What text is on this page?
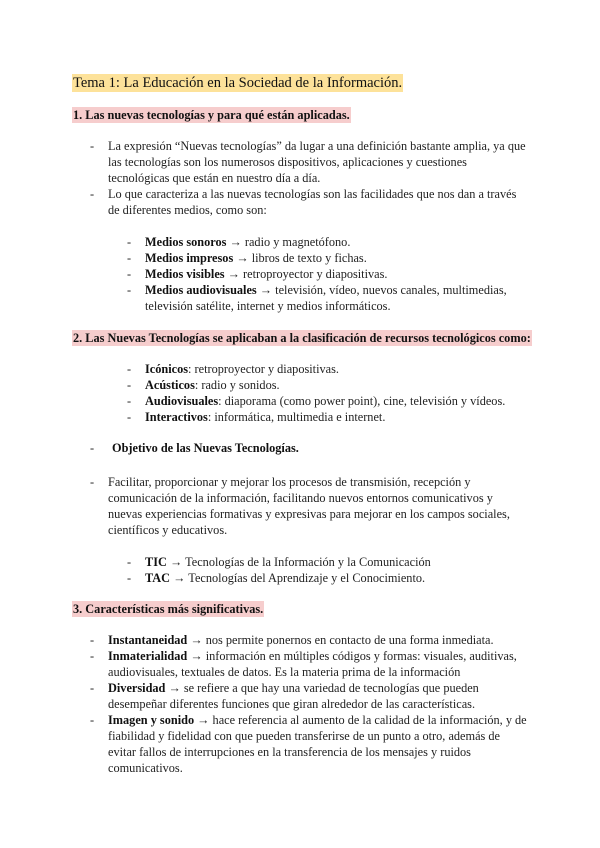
Tema 1: La Educación en la Sociedad de la Información.
1. Las nuevas tecnologías y para qué están aplicadas.
- La expresión “Nuevas tecnologías” da lugar a una definición bastante amplia, ya que las tecnologías son los numerosos dispositivos, aplicaciones y cuestiones tecnológicas que están en nuestro día a día.
- Lo que caracteriza a las nuevas tecnologías son las facilidades que nos dan a través de diferentes medios, como son:
- Medios sonoros → radio y magnetófono.
- Medios impresos → libros de texto y fichas.
- Medios visibles → retroproyector y diapositivas.
- Medios audiovisuales → televisión, vídeo, nuevos canales, multimedias, televisión satélite, internet y medios informáticos.
2. Las Nuevas Tecnologías se aplicaban a la clasificación de recursos tecnológicos como:
- Icónicos: retroproyector y diapositivas.
- Acústicos: radio y sonidos.
- Audiovisuales: diaporama (como power point), cine, televisión y vídeos.
- Interactivos: informática, multimedia e internet.
- Objetivo de las Nuevas Tecnologías.
- Facilitar, proporcionar y mejorar los procesos de transmisión, recepción y comunicación de la información, facilitando nuevos entornos comunicativos y nuevas experiencias formativas y expresivas para mejorar en los campos sociales, científicos y educativos.
- TIC → Tecnologías de la Información y la Comunicación
- TAC → Tecnologías del Aprendizaje y el Conocimiento.
3. Características más significativas.
- Instantaneidad → nos permite ponernos en contacto de una forma inmediata.
- Inmaterialidad → información en múltiples códigos y formas: visuales, auditivas, audiovisuales, textuales de datos. Es la materia prima de la información
- Diversidad → se refiere a que hay una variedad de tecnologías que pueden desempeñar diferentes funciones que giran alrededor de las características.
- Imagen y sonido → hace referencia al aumento de la calidad de la información, y de fiabilidad y fidelidad con que pueden transferirse de un punto a otro, además de evitar fallos de interrupciones en la transferencia de los mensajes y ruidos comunicativos.
